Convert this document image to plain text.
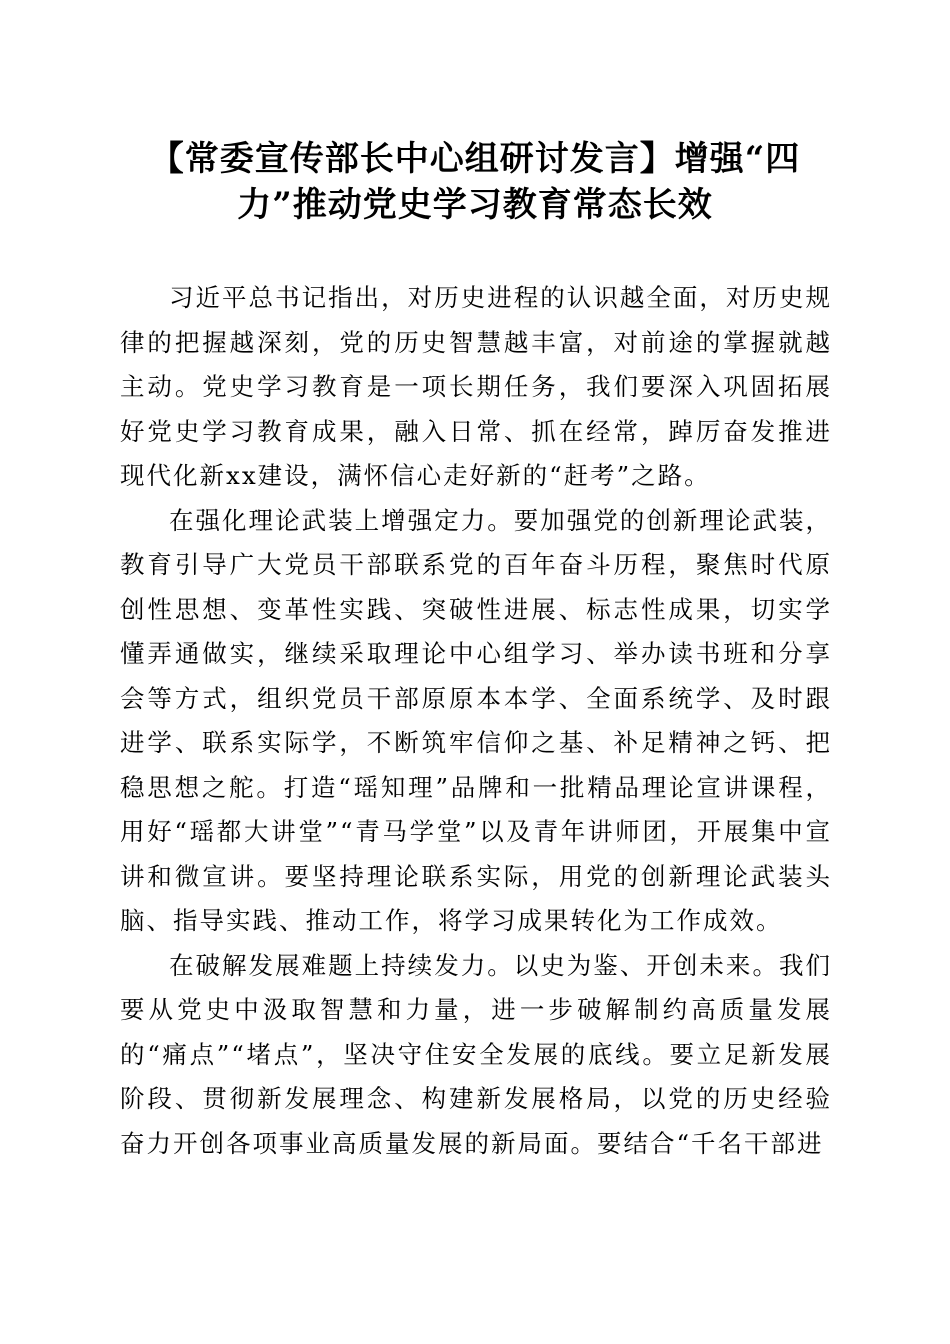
【常委宣传部长中心组研讨发言】增强“四力”推动党史学习教育常态长效

习近平总书记指出，对历史进程的认识越全面，对历史规律的把握越深刻，党的历史智慧越丰富，对前途的掌握就越主动。党史学习教育是一项长期任务，我们要深入巩固拓展好党史学习教育成果，融入日常、抓在经常，踔厉奋发推进现代化新xx建设，满怀信心走好新的“赶考”之路。

在强化理论武装上增强定力。要加强党的创新理论武装，教育引导广大党员干部联系党的百年奋斗历程，聚焦时代原创性思想、变革性实践、突破性进展、标志性成果，切实学懂弄通做实，继续采取理论中心组学习、举办读书班和分享会等方式，组织党员干部原原本本学、全面系统学、及时跟进学、联系实际学，不断筑牢信仰之基、补足精神之钙、把稳思想之舵。打造“瑶知理”品牌和一批精品理论宣讲课程，用好“瑶都大讲堂”“青马学堂”以及青年讲师团，开展集中宣讲和微宣讲。要坚持理论联系实际，用党的创新理论武装头脑、指导实践、推动工作，将学习成果转化为工作成效。

在破解发展难题上持续发力。以史为鉴、开创未来。我们要从党史中汲取智慧和力量，进一步破解制约高质量发展的“痛点”“堵点”，坚决守住安全发展的底线。要立足新发展阶段、贯彻新发展理念、构建新发展格局，以党的历史经验奋力开创各项事业高质量发展的新局面。要结合“千名干部进
